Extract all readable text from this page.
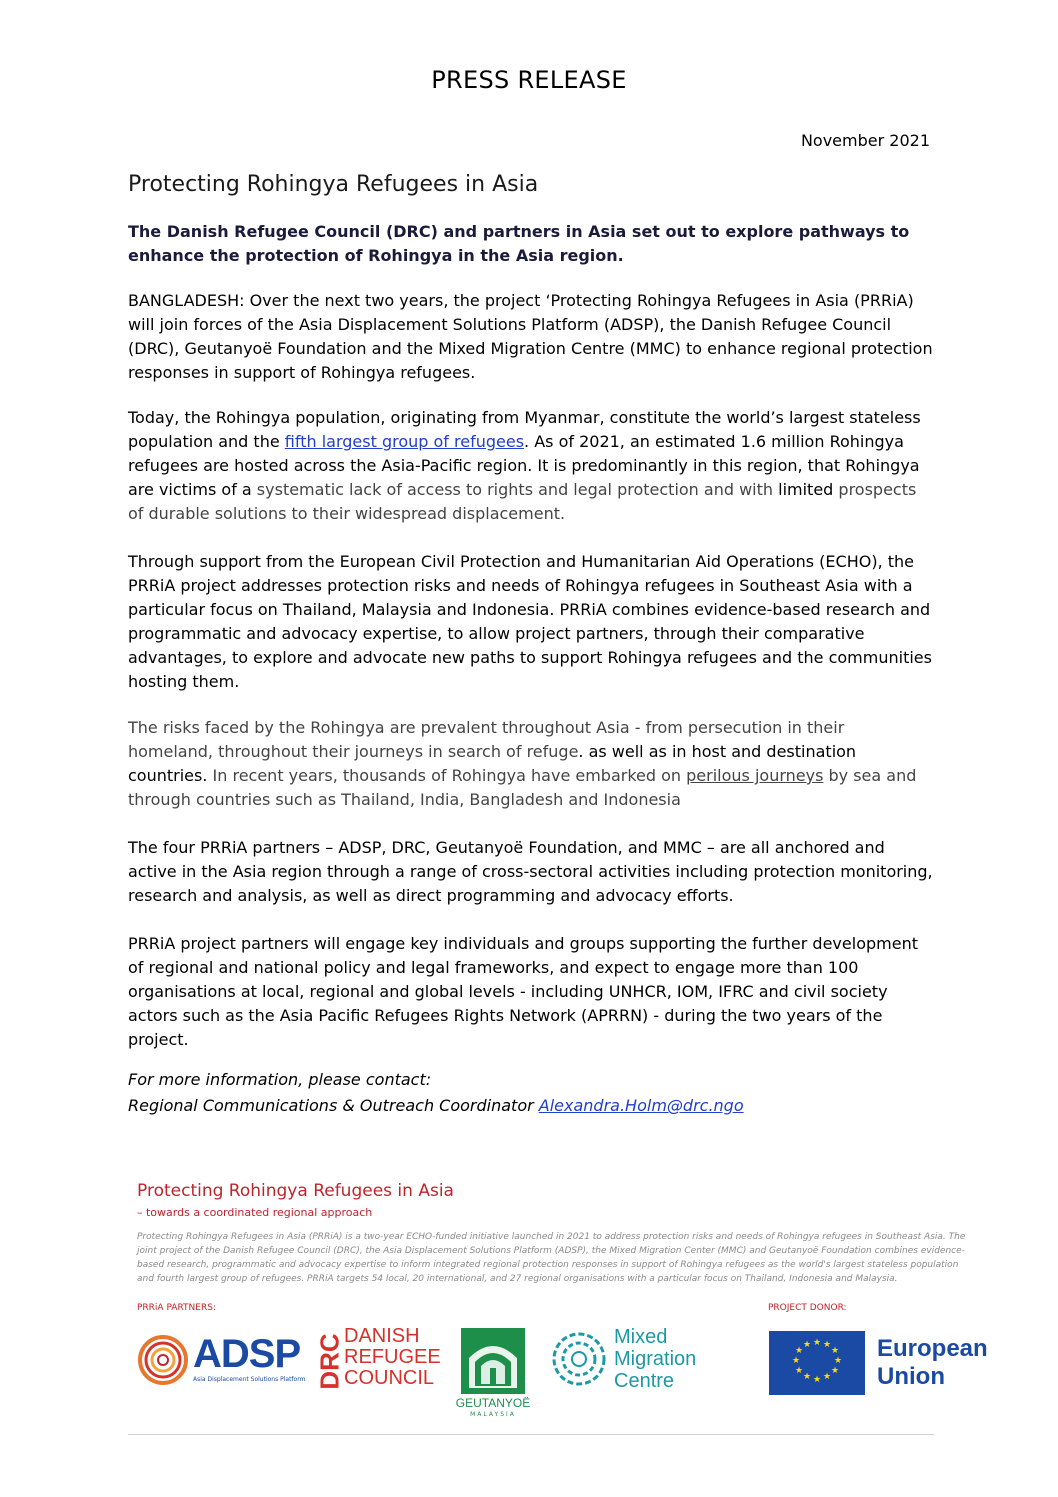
PRESS RELEASE
November 2021
Protecting Rohingya Refugees in Asia
The Danish Refugee Council (DRC) and partners in Asia set out to explore pathways to enhance the protection of Rohingya in the Asia region.
BANGLADESH: Over the next two years, the project ‘Protecting Rohingya Refugees in Asia (PRRiA) will join forces of the Asia Displacement Solutions Platform (ADSP), the Danish Refugee Council (DRC), Geutanyoë Foundation and the Mixed Migration Centre (MMC) to enhance regional protection responses in support of Rohingya refugees.
Today, the Rohingya population, originating from Myanmar, constitute the world’s largest stateless population and the fifth largest group of refugees. As of 2021, an estimated 1.6 million Rohingya refugees are hosted across the Asia-Pacific region. It is predominantly in this region, that Rohingya are victims of a systematic lack of access to rights and legal protection and with limited prospects of durable solutions to their widespread displacement.
Through support from the European Civil Protection and Humanitarian Aid Operations (ECHO), the PRRiA project addresses protection risks and needs of Rohingya refugees in Southeast Asia with a particular focus on Thailand, Malaysia and Indonesia. PRRiA combines evidence-based research and programmatic and advocacy expertise, to allow project partners, through their comparative advantages, to explore and advocate new paths to support Rohingya refugees and the communities hosting them.
The risks faced by the Rohingya are prevalent throughout Asia - from persecution in their homeland, throughout their journeys in search of refuge. as well as in host and destination countries. In recent years, thousands of Rohingya have embarked on perilous journeys by sea and through countries such as Thailand, India, Bangladesh and Indonesia
The four PRRiA partners – ADSP, DRC, Geutanyoë Foundation, and MMC – are all anchored and active in the Asia region through a range of cross-sectoral activities including protection monitoring, research and analysis, as well as direct programming and advocacy efforts.
PRRiA project partners will engage key individuals and groups supporting the further development of regional and national policy and legal frameworks, and expect to engage more than 100 organisations at local, regional and global levels - including UNHCR, IOM, IFRC and civil society actors such as the Asia Pacific Refugees Rights Network (APRRN) - during the two years of the project.
For more information, please contact:
Regional Communications & Outreach Coordinator Alexandra.Holm@drc.ngo
Protecting Rohingya Refugees in Asia
– towards a coordinated regional approach
Protecting Rohingya Refugees in Asia (PRRiA) is a two-year ECHO-funded initiative launched in 2021 to address protection risks and needs of Rohingya refugees in Southeast Asia. The joint project of the Danish Refugee Council (DRC), the Asia Displacement Solutions Platform (ADSP), the Mixed Migration Center (MMC) and Geutanyoë Foundation combines evidence-based research, programmatic and advocacy expertise to inform integrated regional protection responses in support of Rohingya refugees as the world's largest stateless population and fourth largest group of refugees. PRRiA targets 54 local, 20 international, and 27 regional organisations with a particular focus on Thailand, Indonesia and Malaysia.
PRRiA PARTNERS:	PROJECT DONOR:
ADSP
Asia Displacement Solutions Platform DRC DANISH
REFUGEE
COUNCIL
GEUTANYOË
MALAYSIA
Mixed
Migration
Centre
★ ★
★
★
★
★
★
★
★
★
★
★	European
Union
